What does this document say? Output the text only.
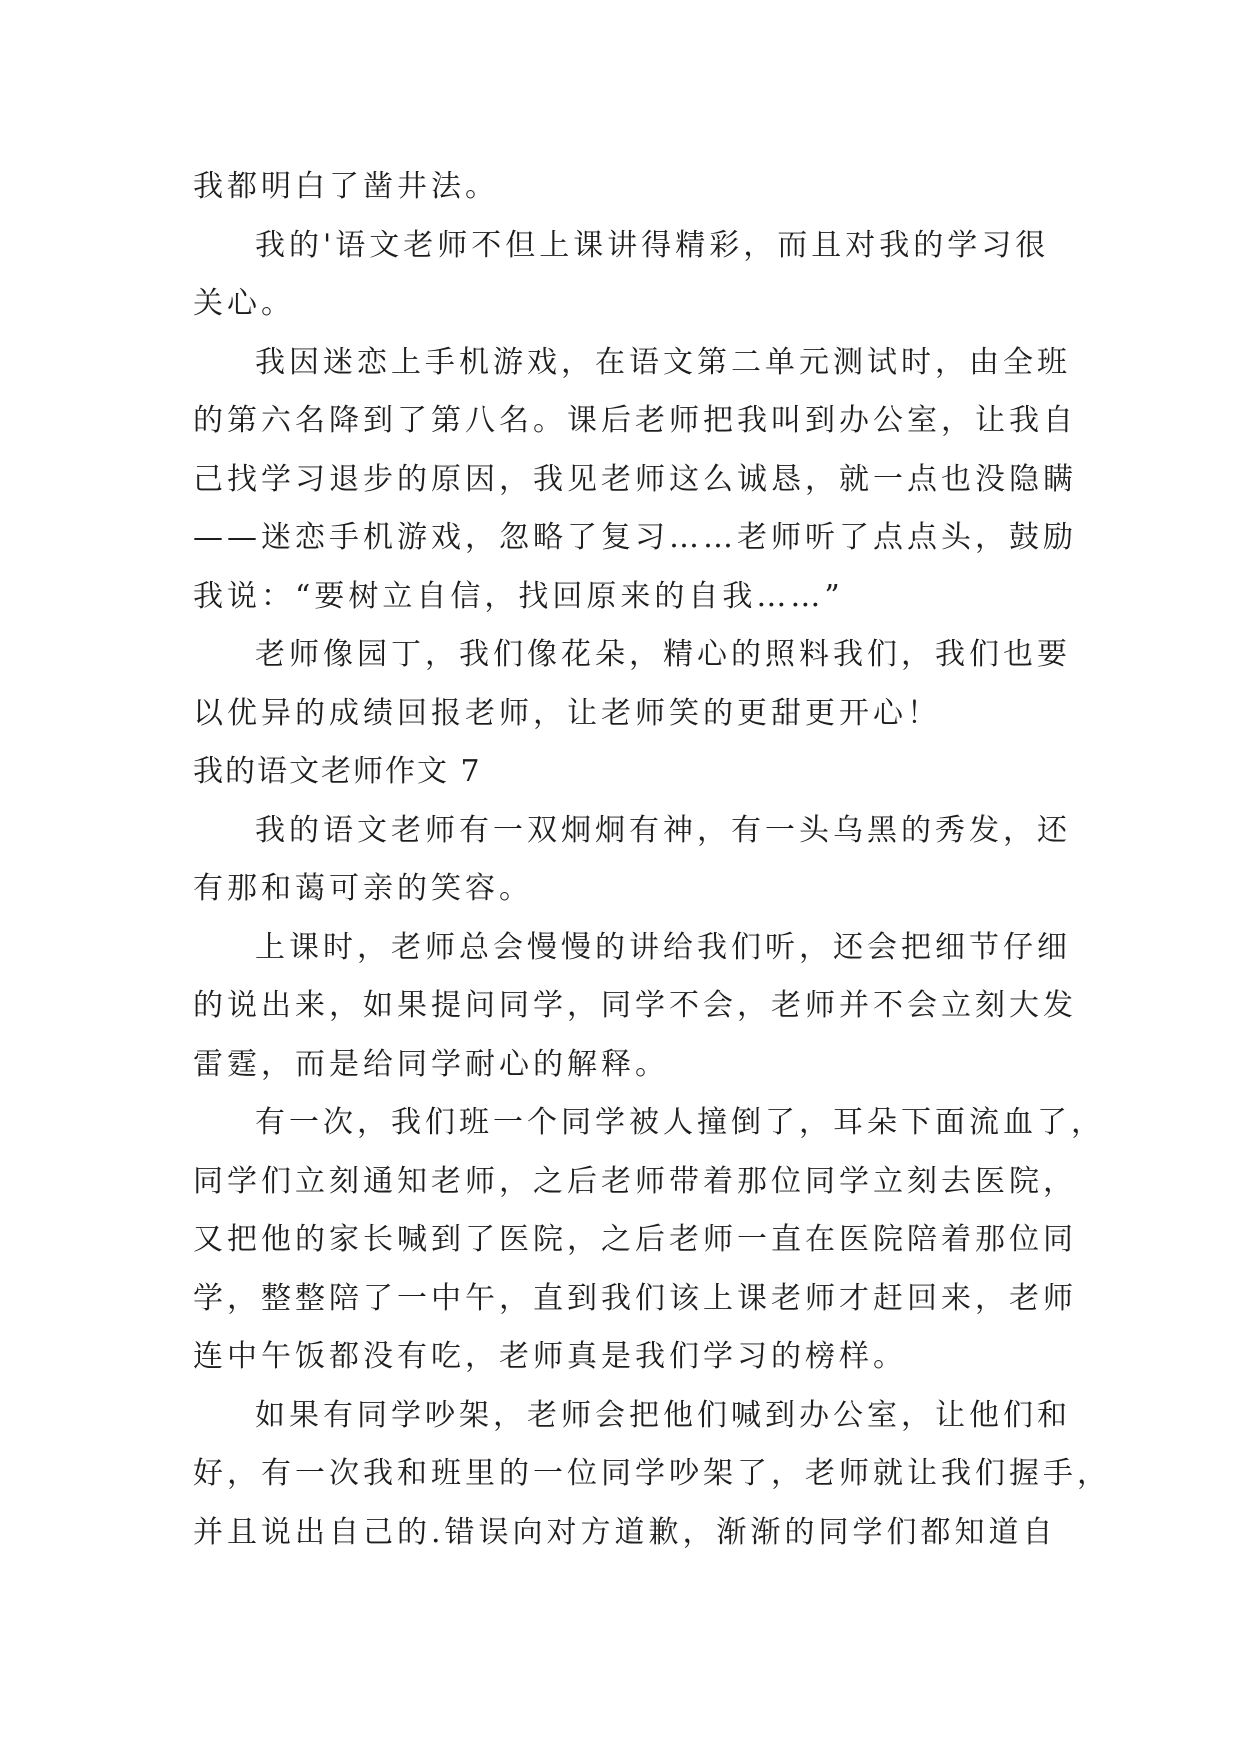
我都明白了凿井法。
我的'语文老师不但上课讲得精彩，而且对我的学习很
关心。
我因迷恋上手机游戏，在语文第二单元测试时，由全班
的第六名降到了第八名。课后老师把我叫到办公室，让我自
己找学习退步的原因，我见老师这么诚恳，就一点也没隐瞒
——迷恋手机游戏，忽略了复习……老师听了点点头，鼓励
我说：“要树立自信，找回原来的自我……”
老师像园丁，我们像花朵，精心的照料我们，我们也要
以优异的成绩回报老师，让老师笑的更甜更开心！
我的语文老师作文 7
我的语文老师有一双炯炯有神，有一头乌黑的秀发，还
有那和蔼可亲的笑容。
上课时，老师总会慢慢的讲给我们听，还会把细节仔细
的说出来，如果提问同学，同学不会，老师并不会立刻大发
雷霆，而是给同学耐心的解释。
有一次，我们班一个同学被人撞倒了，耳朵下面流血了，
同学们立刻通知老师，之后老师带着那位同学立刻去医院，
又把他的家长喊到了医院，之后老师一直在医院陪着那位同
学，整整陪了一中午，直到我们该上课老师才赶回来，老师
连中午饭都没有吃，老师真是我们学习的榜样。
如果有同学吵架，老师会把他们喊到办公室，让他们和
好，有一次我和班里的一位同学吵架了，老师就让我们握手，
并且说出自己的.错误向对方道歉，渐渐的同学们都知道自
